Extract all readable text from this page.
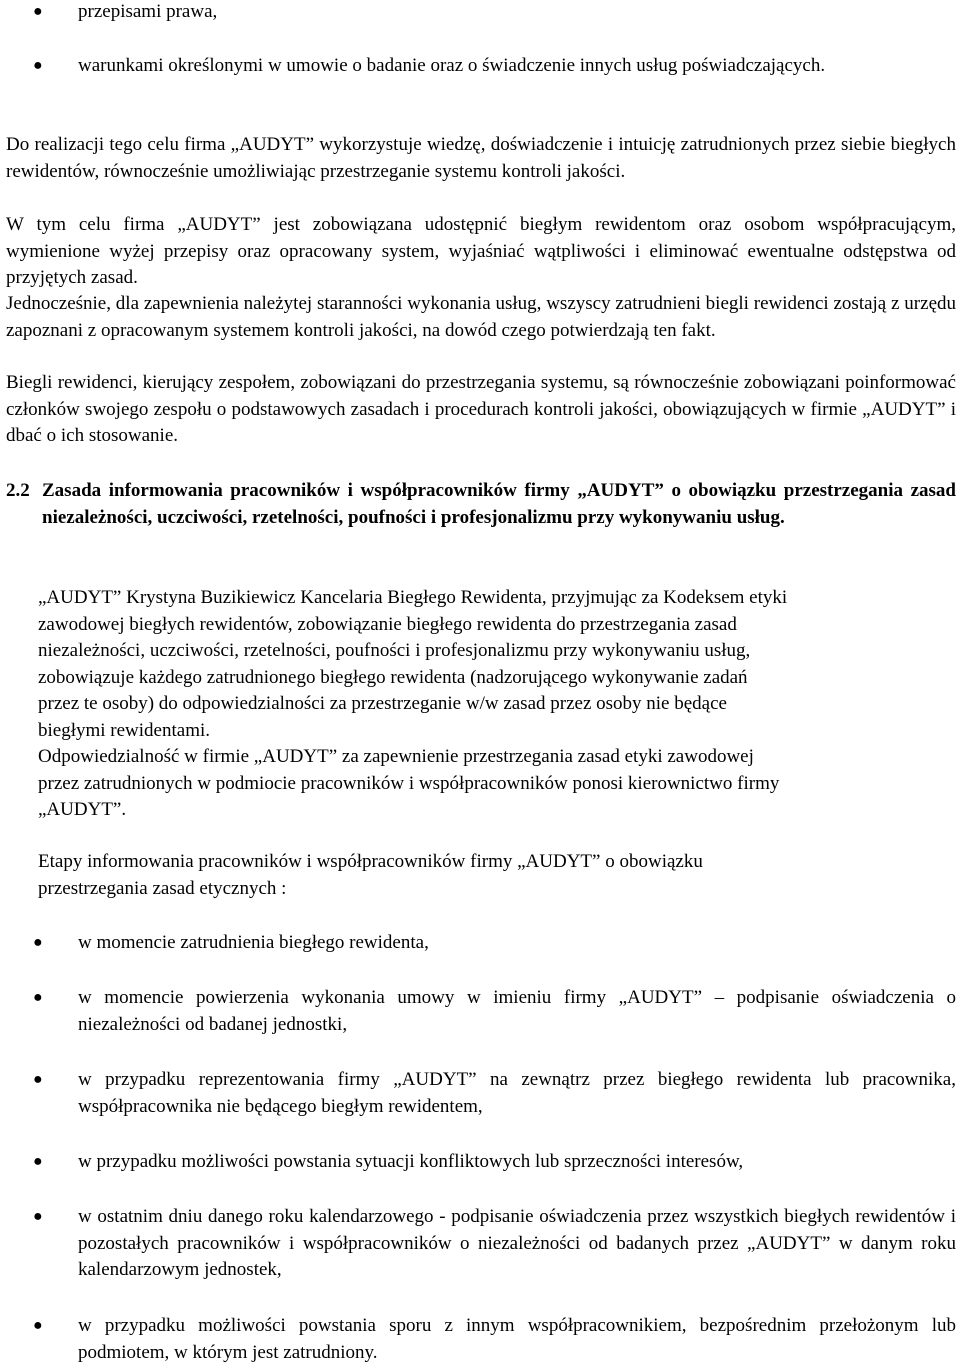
● przepisami prawa,
● warunkami określonymi w umowie o badanie oraz o świadczenie innych usług poświadczających.
Do realizacji tego celu firma „AUDYT” wykorzystuje wiedzę, doświadczenie i intuicję zatrudnionych przez siebie biegłych rewidentów, równocześnie umożliwiając przestrzeganie systemu kontroli jakości.
W tym celu firma „AUDYT” jest zobowiązana udostępnić biegłym rewidentom oraz osobom współpracującym, wymienione wyżej przepisy oraz opracowany system, wyjaśniać wątpliwości i eliminować ewentualne odstępstwa od przyjętych zasad.
Jednocześnie, dla zapewnienia należytej staranności wykonania usług, wszyscy zatrudnieni biegli rewidenci zostają z urzędu zapoznani z opracowanym systemem kontroli jakości, na dowód czego potwierdzają ten fakt.
Biegli rewidenci, kierujący zespołem, zobowiązani do przestrzegania systemu, są równocześnie zobowiązani poinformować członków swojego zespołu o podstawowych zasadach i procedurach kontroli jakości, obowiązujących w firmie „AUDYT” i dbać o ich stosowanie.
2.2 Zasada informowania pracowników i współpracowników firmy „AUDYT” o obowiązku przestrzegania zasad niezależności, uczciwości, rzetelności, poufności i profesjonalizmu przy wykonywaniu usług.
„AUDYT” Krystyna Buzikiewicz Kancelaria Biegłego Rewidenta, przyjmując za Kodeksem etyki
zawodowej biegłych rewidentów, zobowiązanie biegłego rewidenta do przestrzegania zasad
niezależności, uczciwości, rzetelności, poufności i profesjonalizmu przy wykonywaniu usług,
zobowiązuje każdego zatrudnionego biegłego rewidenta (nadzorującego wykonywanie zadań
przez te osoby) do odpowiedzialności za przestrzeganie w/w zasad przez osoby nie będące
biegłymi rewidentami.
Odpowiedzialność w firmie „AUDYT” za zapewnienie przestrzegania zasad etyki zawodowej
przez zatrudnionych w podmiocie pracowników i współpracowników ponosi kierownictwo firmy
„AUDYT”.
Etapy informowania pracowników i współpracowników firmy „AUDYT” o obowiązku
przestrzegania zasad etycznych :
● w momencie zatrudnienia biegłego rewidenta,
● w momencie powierzenia wykonania umowy w imieniu firmy „AUDYT” – podpisanie oświadczenia o niezależności od badanej jednostki,
● w przypadku reprezentowania firmy „AUDYT” na zewnątrz przez biegłego rewidenta lub pracownika, współpracownika nie będącego biegłym rewidentem,
● w przypadku możliwości powstania sytuacji konfliktowych lub sprzeczności interesów,
● w ostatnim dniu danego roku kalendarzowego - podpisanie oświadczenia przez wszystkich biegłych rewidentów i pozostałych pracowników i współpracowników o niezależności od badanych przez „AUDYT” w danym roku kalendarzowym jednostek,
● w przypadku możliwości powstania sporu z innym współpracownikiem, bezpośrednim przełożonym lub podmiotem, w którym jest zatrudniony.
